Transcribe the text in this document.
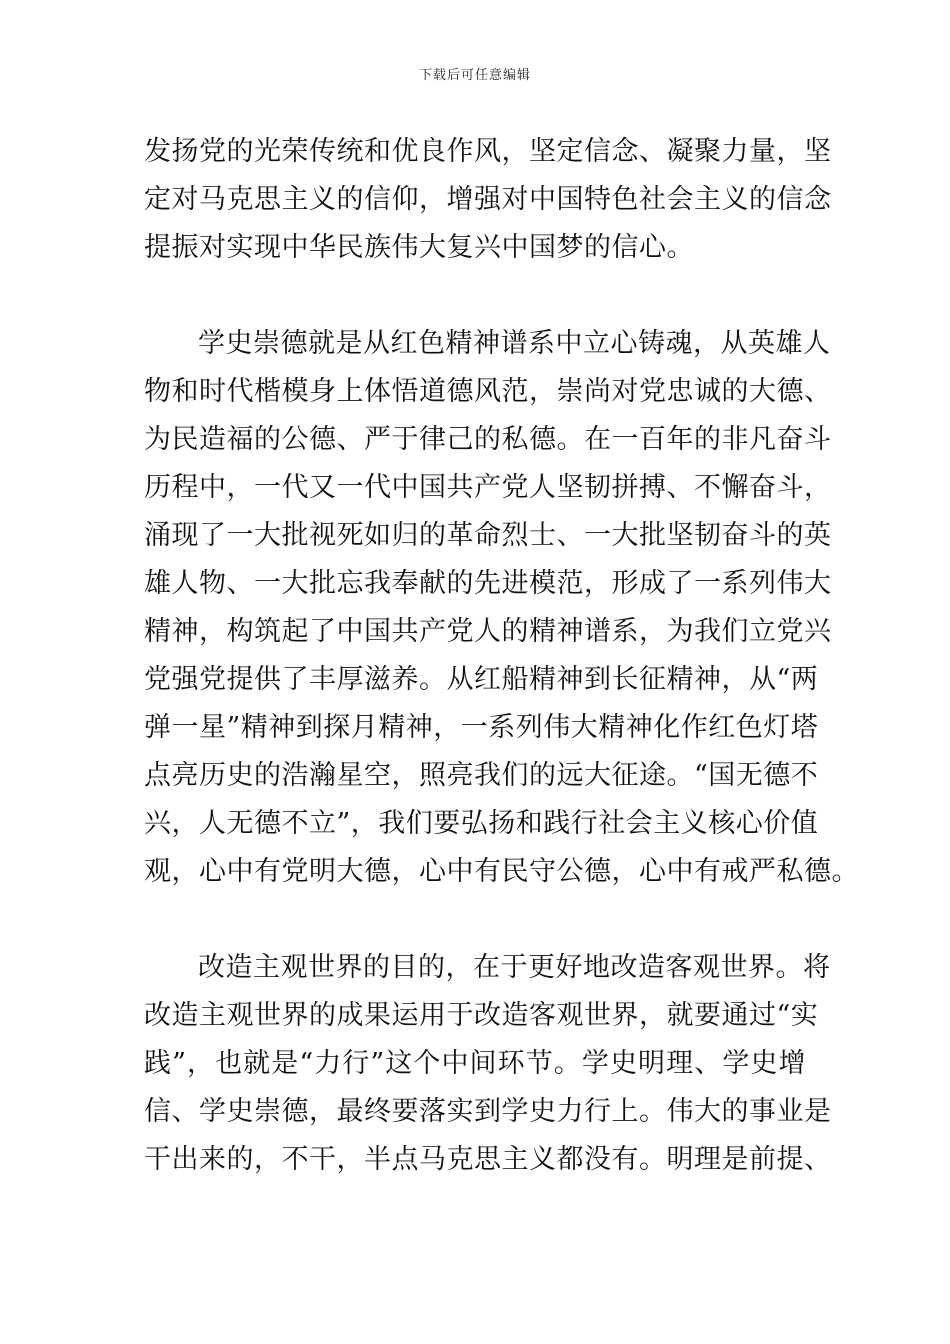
下载后可任意编辑
发扬党的光荣传统和优良作风，坚定信念、凝聚力量，坚
定对马克思主义的信仰，增强对中国特色社会主义的信念
提振对实现中华民族伟大复兴中国梦的信心。
学史崇德就是从红色精神谱系中立心铸魂，从英雄人
物和时代楷模身上体悟道德风范，崇尚对党忠诚的大德、
为民造福的公德、严于律己的私德。在一百年的非凡奋斗
历程中，一代又一代中国共产党人坚韧拼搏、不懈奋斗，
涌现了一大批视死如归的革命烈士、一大批坚韧奋斗的英
雄人物、一大批忘我奉献的先进模范，形成了一系列伟大
精神，构筑起了中国共产党人的精神谱系，为我们立党兴
党强党提供了丰厚滋养。从红船精神到长征精神，从“两
弹一星”精神到探月精神，一系列伟大精神化作红色灯塔
点亮历史的浩瀚星空，照亮我们的远大征途。“国无德不
兴，人无德不立”，我们要弘扬和践行社会主义核心价值
观，心中有党明大德，心中有民守公德，心中有戒严私德。
改造主观世界的目的，在于更好地改造客观世界。将
改造主观世界的成果运用于改造客观世界，就要通过“实
践”，也就是“力行”这个中间环节。学史明理、学史增
信、学史崇德，最终要落实到学史力行上。伟大的事业是
干出来的，不干，半点马克思主义都没有。明理是前提、
